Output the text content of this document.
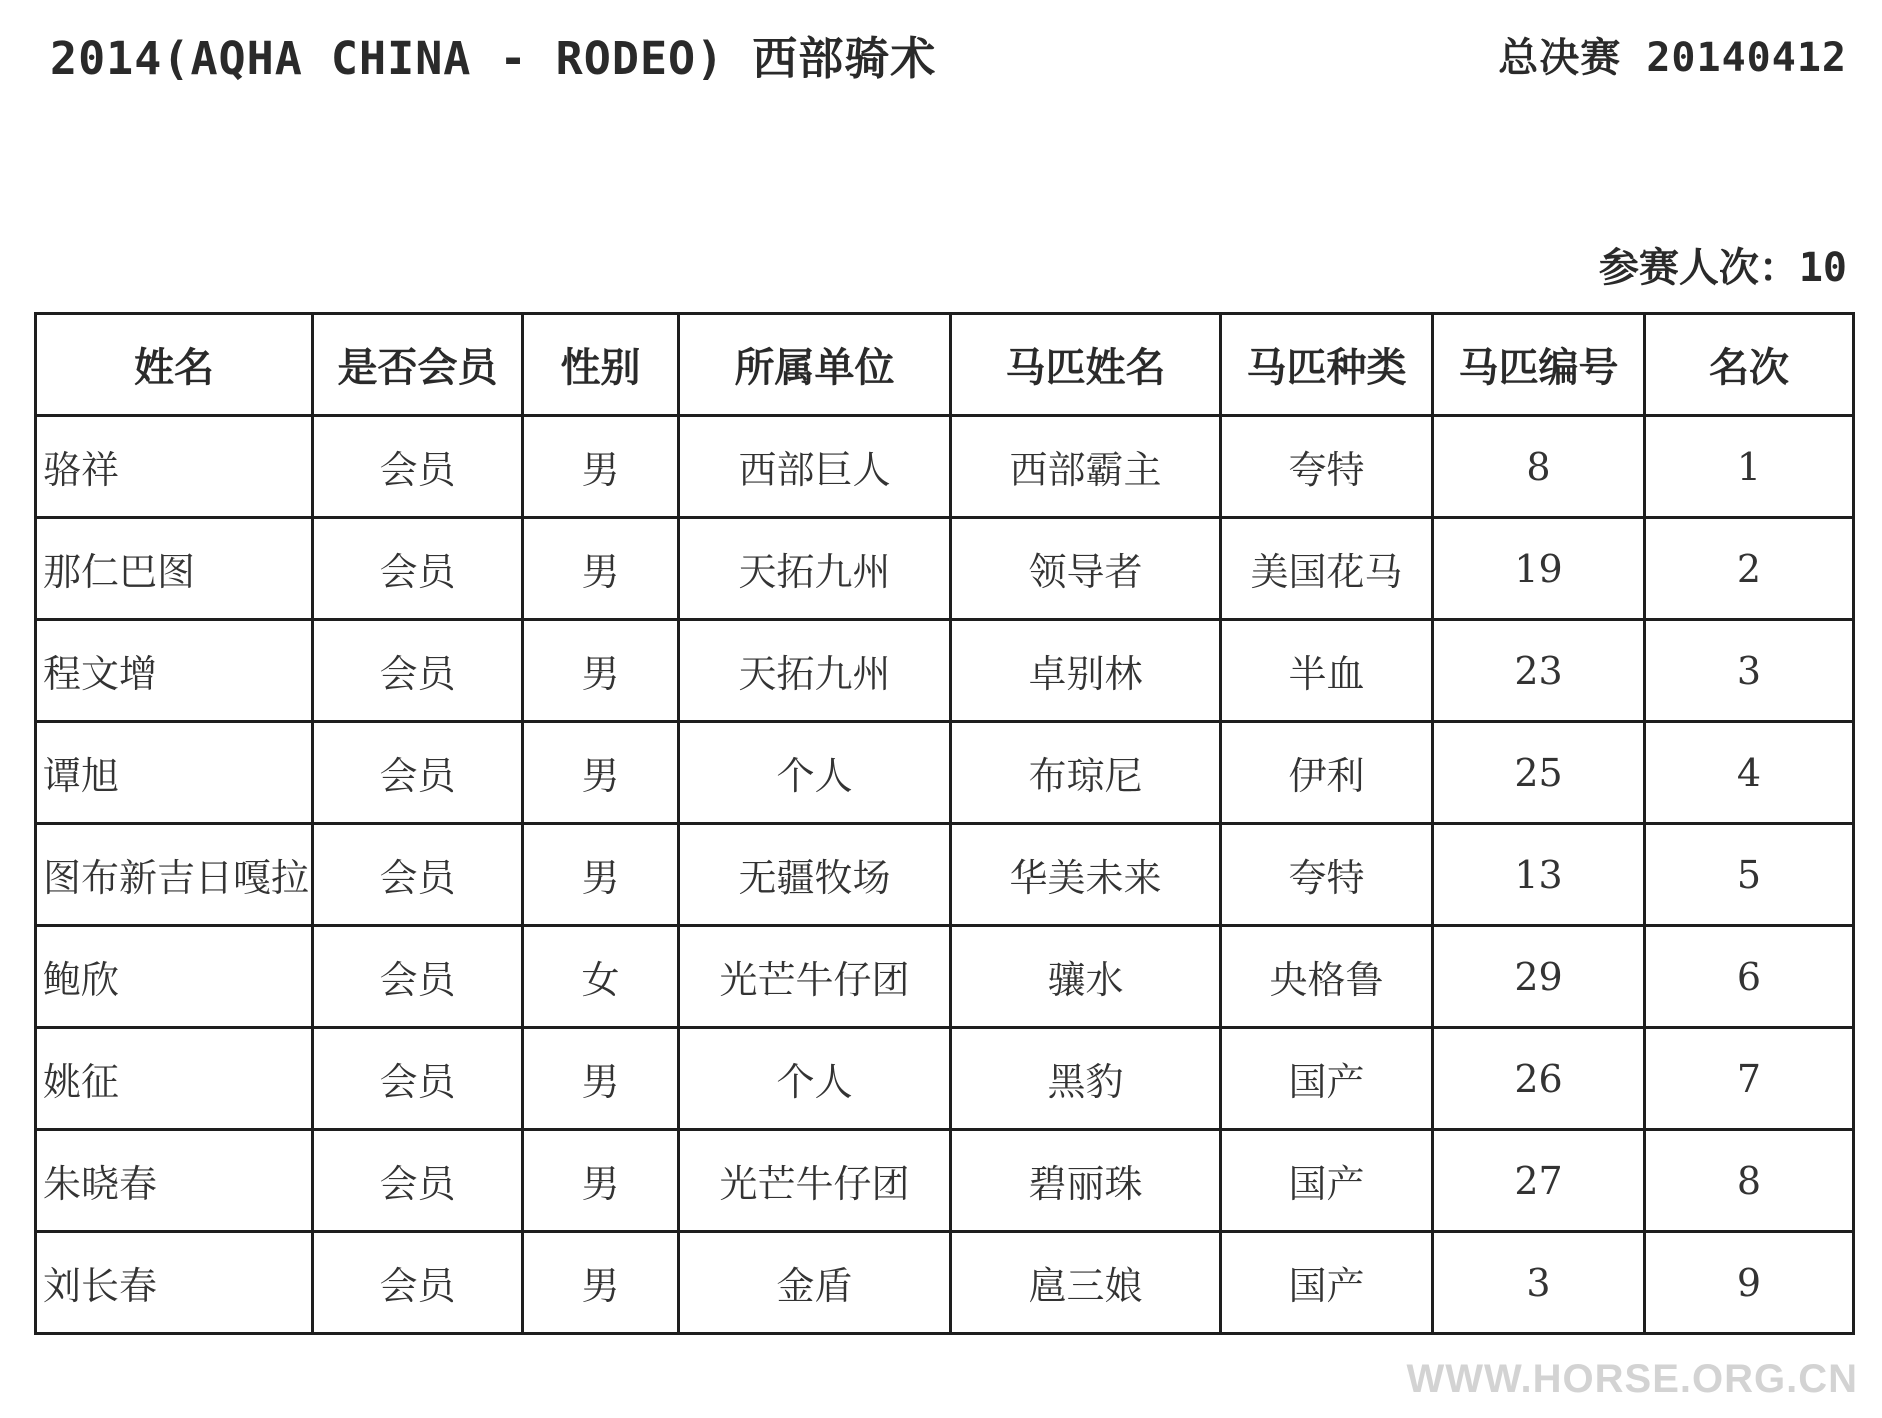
2014(AQHA CHINA - RODEO) 西部骑术	总决赛 20140412
参赛人次：10
姓名	是否会员	性别	所属单位	马匹姓名	马匹种类	马匹编号	名次
骆祥	会员	男	西部巨人	西部霸主	夸特	8	1
那仁巴图	会员	男	天拓九州	领导者	美国花马	19	2
程文增	会员	男	天拓九州	卓别林	半血	23	3
谭旭	会员	男	个人	布琼尼	伊利	25	4
图布新吉日嘎拉	会员	男	无疆牧场	华美未来	夸特	13	5
鲍欣	会员	女	光芒牛仔团	骧水	央格鲁	29	6
姚征	会员	男	个人	黑豹	国产	26	7
朱晓春	会员	男	光芒牛仔团	碧丽珠	国产	27	8
刘长春	会员	男	金盾	扈三娘	国产	3	9
WWW.HORSE.ORG.CN
